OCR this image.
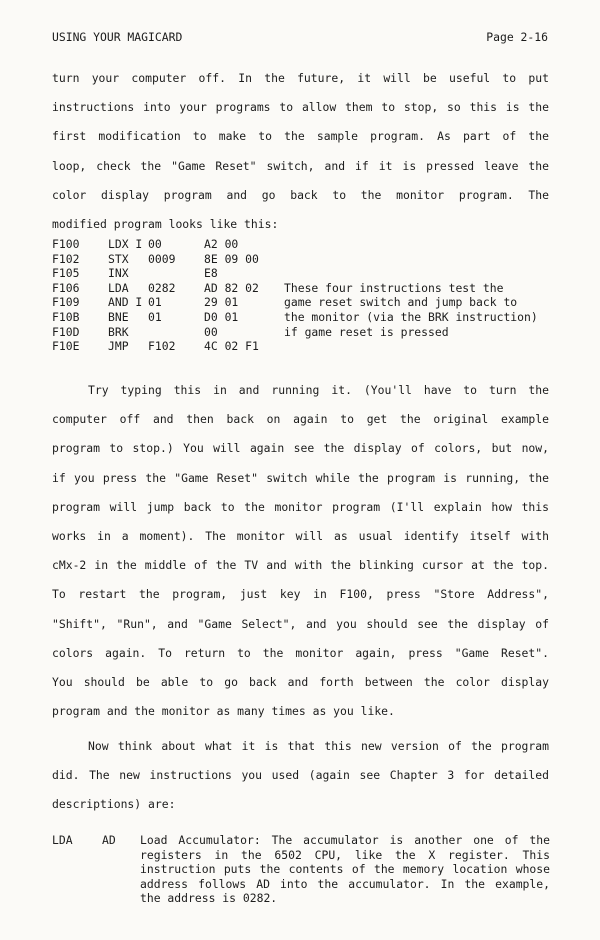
USING YOUR MAGICARD

	Page 2-16

turn your computer off. In the future, it will be useful to put
instructions into your programs to allow them to stop, so this is the
first modification to make to the sample program. As part of the
loop, check the "Game Reset" switch, and if it is pressed leave the
color display program and go back to the monitor program. The
modified program looks like this:
F100	LDX I	00	A2 00	
F102	STX	0009	8E 09 00	
F105	INX		E8	
F106	LDA	0282	AD 82 02	These four instructions test the
F109	AND I	01	29 01	game reset switch and jump back to
F10B	BNE	01	D0 01	the monitor (via the BRK instruction)
F10D	BRK		00	if game reset is pressed
F10E	JMP	F102	4C 02 F1	
Try typing this in and running it. (You'll have to turn the
computer off and then back on again to get the original example
program to stop.) You will again see the display of colors, but now,
if you press the "Game Reset" switch while the program is running, the
program will jump back to the monitor program (I'll explain how this
works in a moment). The monitor will as usual identify itself with
cMx-2 in the middle of the TV and with the blinking cursor at the top.
To restart the program, just key in F100, press "Store Address",
"Shift", "Run", and "Game Select", and you should see the display of
colors again. To return to the monitor again, press "Game Reset".
You should be able to go back and forth between the color display
program and the monitor as many times as you like.
Now think about what it is that this new version of the program
did. The new instructions you used (again see Chapter 3 for detailed
descriptions) are:
LDA	AD Load Accumulator: The accumulator is another one of the registers in the 6502 CPU, like the X register. This instruction puts the contents of the memory location whose address follows AD into the accumulator. In the example, the address is 0282.
